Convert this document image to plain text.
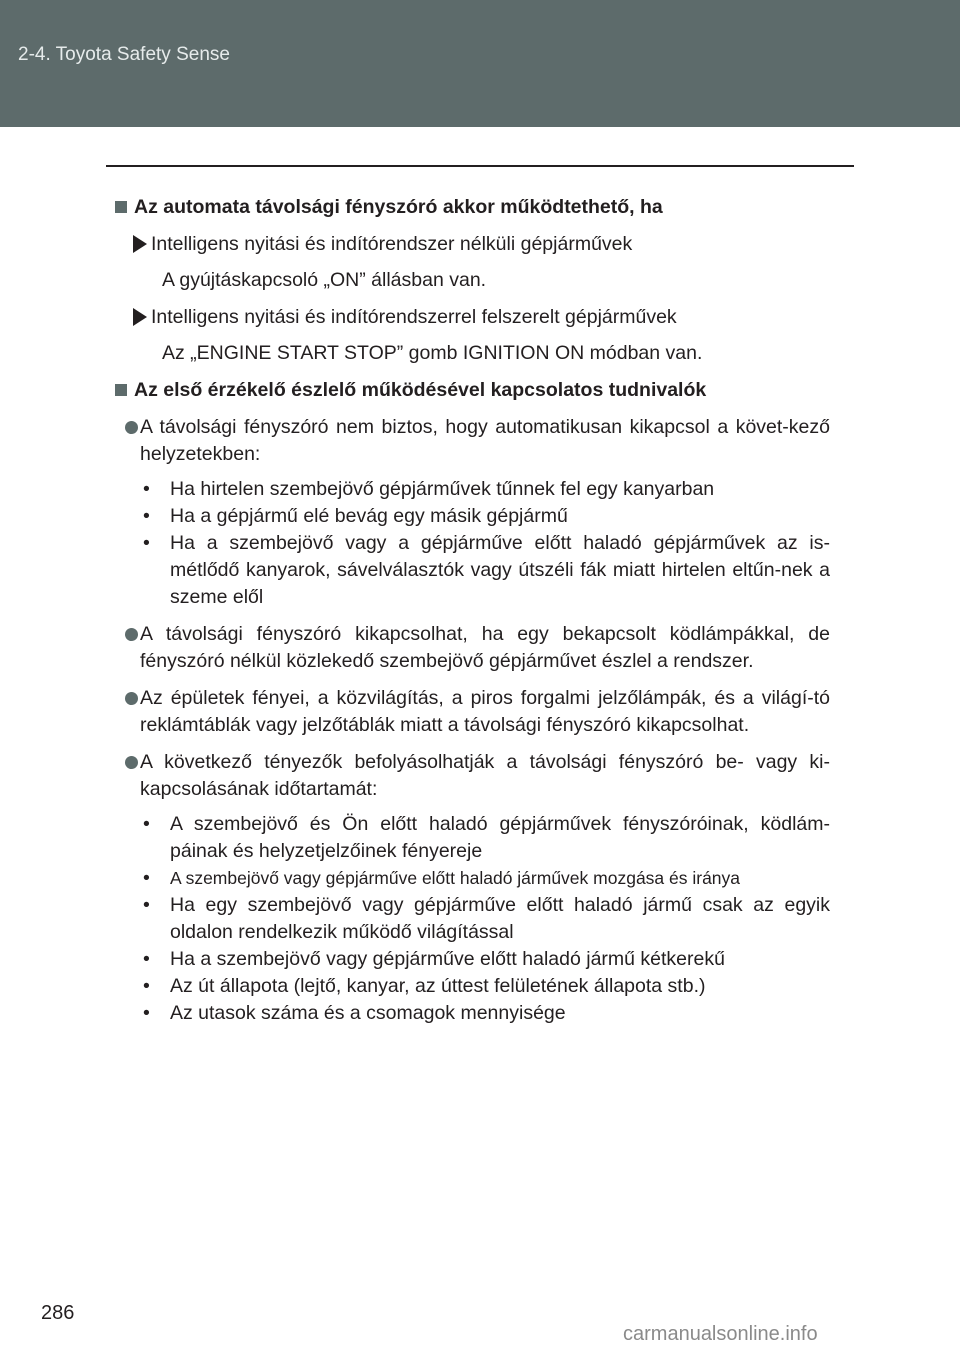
2-4. Toyota Safety Sense
Az automata távolsági fényszóró akkor működtethető, ha
Intelligens nyitási és indítórendszer nélküli gépjárművek
A gyújtáskapcsoló „ON” állásban van.
Intelligens nyitási és indítórendszerrel felszerelt gépjárművek
Az „ENGINE START STOP” gomb IGNITION ON módban van.
Az első érzékelő észlelő működésével kapcsolatos tudnivalók
A távolsági fényszóró nem biztos, hogy automatikusan kikapcsol a követ-kező helyzetekben:
•	Ha hirtelen szembejövő gépjárművek tűnnek fel egy kanyarban
•	Ha a gépjármű elé bevág egy másik gépjármű
•	Ha a szembejövő vagy a gépjárműve előtt haladó gépjárművek az is-métlődő kanyarok, sávelválasztók vagy útszéli fák miatt hirtelen eltűn-nek a szeme elől
A távolsági fényszóró kikapcsolhat, ha egy bekapcsolt ködlámpákkal, de fényszóró nélkül közlekedő szembejövő gépjárművet észlel a rendszer.
Az épületek fényei, a közvilágítás, a piros forgalmi jelzőlámpák, és a világí-tó reklámtáblák vagy jelzőtáblák miatt a távolsági fényszóró kikapcsolhat.
A következő tényezők befolyásolhatják a távolsági fényszóró be- vagy ki-kapcsolásának időtartamát:
•	A szembejövő és Ön előtt haladó gépjárművek fényszóróinak, ködlám-páinak és helyzetjelzőinek fényereje
•	A szembejövő vagy gépjárműve előtt haladó járművek mozgása és iránya
•	Ha egy szembejövő vagy gépjárműve előtt haladó jármű csak az egyik oldalon rendelkezik működő világítással
•	Ha a szembejövő vagy gépjárműve előtt haladó jármű kétkerekű
•	Az út állapota (lejtő, kanyar, az úttest felületének állapota stb.)
•	Az utasok száma és a csomagok mennyisége
286
carmanualsonline.info
